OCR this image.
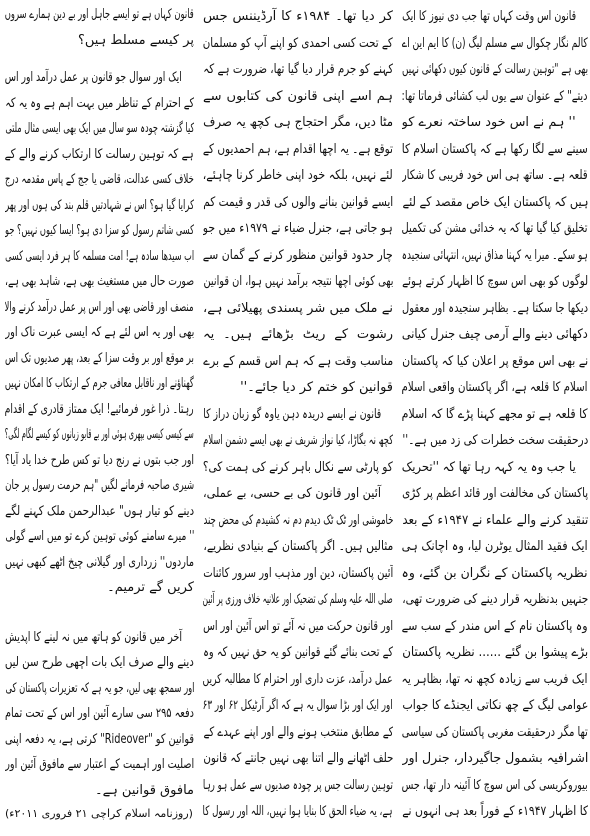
قانون اس وقت کہاں تھا جب دی نیوز کا ایک
کالم نگار چکوال سے مسلم لیگ (ن) کا ایم این اے
بھی ہے "توہین رسالت کے قانون کیوں دکھائی نہیں
دیتے" کے عنوان سے یوں لب کشائی فرماتا تھا:
'' ہم نے اس خود ساختہ نعرے کو
سینے سے لگا رکھا ہے کہ پاکستان اسلام کا
قلعہ ہے۔ ساتھ ہی اس خود فریبی کا شکار
ہیں کہ پاکستان ایک خاص مقصد کے لئے
تخلیق کیا گیا تھا کہ یہ خدائی مشن کی تکمیل
ہو سکے۔ میرا یہ کہنا مذاق نہیں، انتہائی سنجیدہ
لوگوں کو بھی اس سوچ کا اظہار کرتے ہوئے
دیکھا جا سکتا ہے۔ بظاہر سنجیدہ اور معقول
دکھائی دینے والے آرمی چیف جنرل کیانی
نے بھی اس موقع پر اعلان کیا کہ پاکستان
اسلام کا قلعہ ہے، اگر پاکستان واقعی اسلام
کا قلعہ ہے تو مجھے کہنا پڑے گا کہ اسلام
درحقیقت سخت خطرات کی زد میں ہے۔''
یا جب وہ یہ کہہ رہا تھا کہ ''تحریک
پاکستان کی مخالفت اور قائد اعظم پر کڑی
تنقید کرنے والے علماء نے ۱۹۴۷ء کے بعد
ایک فقید المثال یوٹرن لیا، وہ اچانک ہی
نظریہ پاکستان کے نگران بن گئے، وہ
جنہیں بدنظریہ قرار دینے کی ضرورت تھی،
وہ پاکستان نام کے اس مندر کے سب سے
بڑے پیشوا بن گئے ...... نظریہ پاکستان
ایک فریب سے زیادہ کچھ نہ تھا، بظاہر یہ
عوامی لیگ کے چھ نکاتی ایجنڈے کا جواب
تھا مگر درحقیقت مغربی پاکستان کی سیاسی
اشرافیہ بشمول جاگیردار، جنرل اور
بیوروکریسی کی اس سوچ کا آئینہ دار تھا، جس
کا اظہار ۱۹۴۷ء کے فوراً بعد ہی انہوں نے
کر دیا تھا۔ ۱۹۸۴ء کا آرڈیننس جس
کے تحت کسی احمدی کو اپنے آپ کو مسلمان
کہنے کو جرم قرار دیا گیا تھا، ضرورت ہے کہ
ہم اسے اپنی قانون کی کتابوں سے
مٹا دیں، مگر احتجاج ہی کچھ یہ صرف
توقع ہے۔ یہ اچھا اقدام ہے، ہم احمدیوں کے
لئے نہیں، بلکہ خود اپنی خاطر کرنا چاہئے،
ایسے قوانین بنانے والوں کی قدر و قیمت کم
ہو جاتی ہے، جنرل ضیاء نے ۱۹۷۹ء میں جو
چار حدود قوانین منظور کرنے کے گمان سے
بھی کوئی اچھا نتیجہ برآمد نہیں ہوا، ان قوانین
نے ملک میں شر پسندی پھیلائی ہے،
رشوت کے ریٹ بڑھائے ہیں۔ یہ
مناسب وقت ہے کہ ہم اس قسم کے برے
قوانین کو ختم کر دیا جائے۔''
قانون نے ایسے دریدہ دہن یاوہ گو زبان دراز کا
کچھ نہ بگاڑا، کیا نواز شریف نے بھی ایسے دشمن اسلام
کو پارٹی سے نکال باہر کرنے کی ہمت کی؟
آئین اور قانون کی بے حسی، بے عملی،
خاموشی اور ٹک ٹک دیدم دم نہ کشیدم کی محض چند
مثالیں ہیں۔ اگر پاکستان کے بنیادی نظریے،
آئین پاکستان، دین اور مذہب اور سرور کائنات
صلی اللہ علیہ وسلم کی تضحیک اور علانیہ خلاف ورزی پر آئین
اور قانون حرکت میں نہ آئے تو اس آئین اور اس
کے تحت بنائے گئے قوانین کو یہ حق نہیں کہ وہ
عمل درآمد، عزت داری اور احترام کا مطالبہ کریں
اور ایک اور بڑا سوال یہ ہے کہ اگر آرٹیکل ۶۲ اور ۶۳
کے مطابق منتخب ہونے والے اور اپنے عہدے کے
حلف اٹھانے والے اتنا بھی نہیں جانتے کہ قانون
توہین رسالت جس پر چودہ صدیوں سے عمل ہو رہا
ہے، یہ ضیاء الحق کا بنایا ہوا نہیں، اللہ اور رسول کا
قانون کہاں ہے تو ایسے جاہل اور بے دین ہمارے سروں
پر کیسے مسلط ہیں؟
ایک اور سوال جو قانون پر عمل درآمد اور اس
کے احترام کے تناظر میں بہت اہم ہے وہ یہ کہ
کیا گزشتہ چودہ سو سال میں ایک بھی ایسی مثال ملتی
ہے کہ توہین رسالت کا ارتکاب کرنے والے کے
خلاف کسی عدالت، قاضی یا جج کے پاس مقدمہ درج
کرایا گیا ہو؟ اس نے شہادتیں قلم بند کی ہوں اور پھر
کسی شاتم رسول کو سزا دی ہو؟ ایسا کیوں نہیں؟ جو
اب سیدھا سادہ ہے! امت مسلمہ کا ہر فرد ایسی کسی
صورت حال میں مستغیث بھی ہے، شاہد بھی ہے،
منصف اور قاضی بھی اور اس پر عمل درآمد کرنے والا
بھی اور یہ اس لئے ہے کہ ایسی عبرت ناک اور
بر موقع اور بر وقت سزا کے بعد، پھر صدیوں تک اس
گھناؤنے اور ناقابل معافی جرم کے ارتکاب کا امکان نہیں
رہتا۔ ذرا غور فرمائیے! ایک ممتاز قادری کے اقدام
سے کیسی کیسی بپھری ہوئی اور بے قابو زبانوں کو کیسے لگام لگی؟
اور جب بتوں نے رنج دیا تو کس طرح خدا یاد آیا؟
شیری صاحبہ فرمانے لگیں "ہم حرمت رسول پر جان
دینے کو تیار ہوں" عبدالرحمن ملک کہنے لگے
'' میرے سامنے کوئی توہین کرے تو میں اسے گولی
ماردوں'' زرداری اور گیلانی چیخ اٹھے کبھی نہیں
کریں گے ترمیم۔
آخر میں قانون کو ہاتھ میں نہ لینے کا اپدیش
دینے والے صرف ایک بات اچھی طرح سن لیں
اور سمجھ بھی لیں، جو یہ ہے کہ تعزیرات پاکستان کی
دفعہ ۲۹۵ سی سارے آئین اور اس کے تحت تمام
قوانین کو "Rideover" کرتی ہے، یہ دفعہ اپنی
اصلیت اور اہمیت کے اعتبار سے مافوق آئین اور
مافوق قوانین ہے۔
(روزنامہ اسلام کراچی ۲۱ فروری ۲۰۱۱ء)
